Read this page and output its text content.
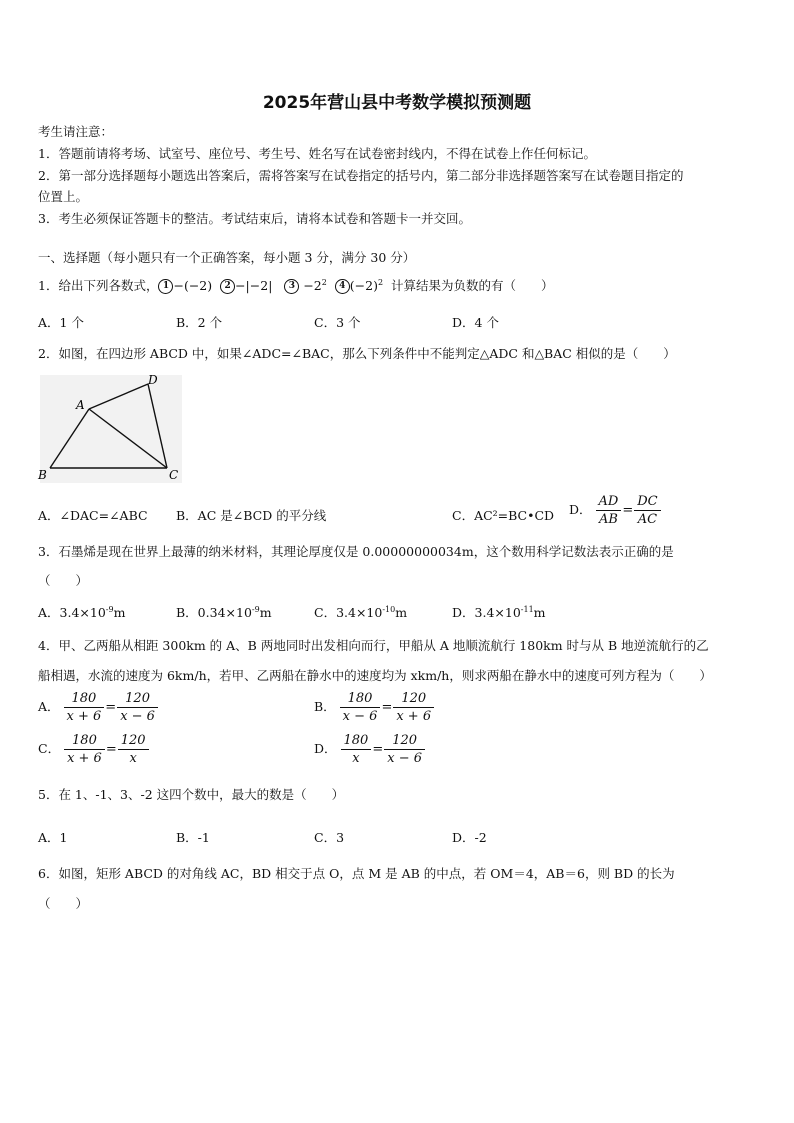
2025年营山县中考数学模拟预测题
考生请注意：
1．答题前请将考场、试室号、座位号、考生号、姓名写在试卷密封线内，不得在试卷上作任何标记。
2．第一部分选择题每小题选出答案后，需将答案写在试卷指定的括号内，第二部分非选择题答案写在试卷题目指定的
位置上。
3．考生必须保证答题卡的整洁。考试结束后，请将本试卷和答题卡一并交回。
一、选择题（每小题只有一个正确答案，每小题 3 分，满分 30 分）
1．给出下列各数式， 1 −(−2) 2 −|−2| $3 -2^2$ 4 $(-2)^2$ 计算结果为负数的有（　　）
A．1 个	B．2 个	C．3 个	D．4 个
2．如图，在四边形 ABCD 中，如果∠ADC=∠BAC，那么下列条件中不能判定△ADC 和△BAC 相似的是（　　）
A
D
B	C
A．∠DAC=∠ABC B．AC 是∠BCD 的平分线	C．AC²=BC•CD D． $\frac{AD}{AB} = \frac{DC}{AC}$
3．石墨烯是现在世界上最薄的纳米材料，其理论厚度仅是 0.00000000034m，这个数用科学记数法表示正确的是
（　　）
A．$3.4\times 10^{-9}m$	B．$0.34\times 10^{-9}m$	C．$3.4\times 10^{-10}m$	D．$3.4\times 10^{-11}m$
4．甲、乙两船从相距 300km 的 A、B 两地同时出发相向而行，甲船从 A 地顺流航行 180km 时与从 B 地逆流航行的乙
船相遇，水流的速度为 6km/h，若甲、乙两船在静水中的速度均为 xkm/h，则求两船在静水中的速度可列方程为（　　）
A． $\frac{180}{x + 6} = \frac{120}{x - 6}$	B． $\frac{180}{x - 6} = \frac{120}{x + 6}$
C． $\frac{180}{x + 6} = \frac{120}{x}$	D． $\frac{180}{x} = \frac{120}{x - 6}$
5．在 1、-1、3、-2 这四个数中，最大的数是（　　）
A．1	B．-1	C．3	D．-2
6．如图，矩形 ABCD 的对角线 AC，BD 相交于点 O，点 M 是 AB 的中点，若 OM＝4，AB＝6，则 BD 的长为
（　　）
